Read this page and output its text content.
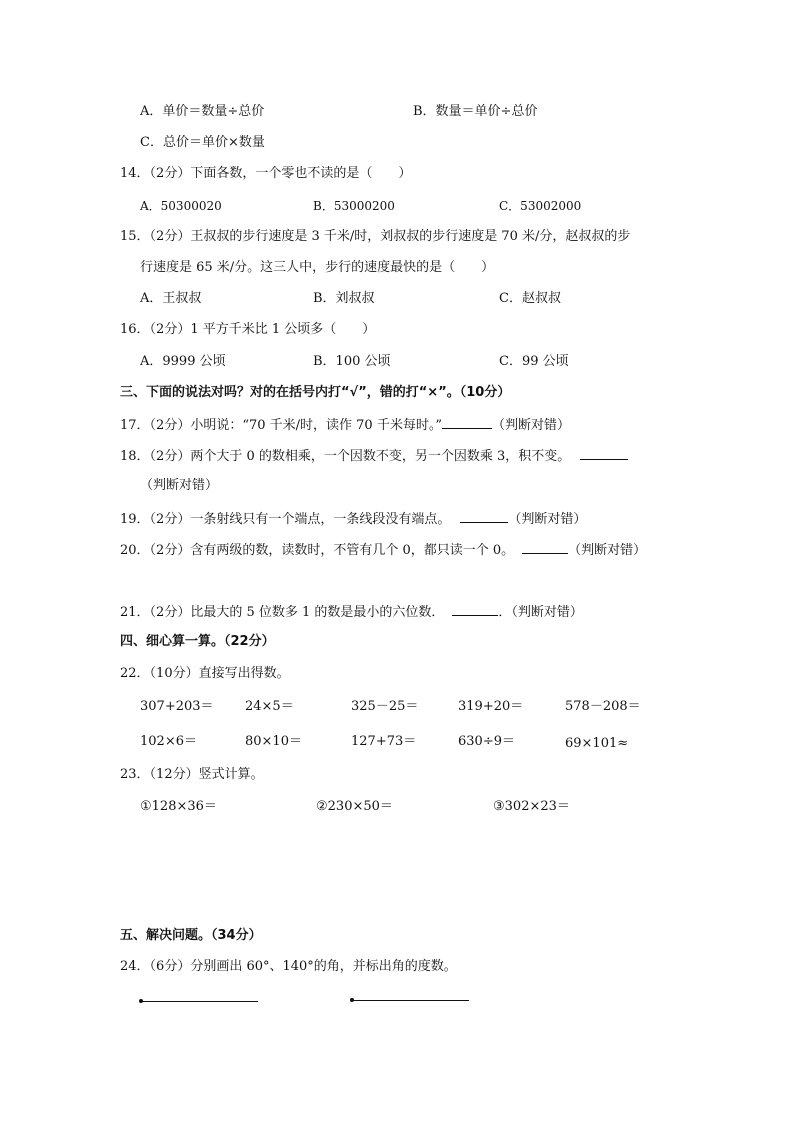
A．单价＝数量÷总价	B．数量＝单价÷总价
C．总价＝单价×数量
14．（2分）下面各数，一个零也不读的是（　　）
A．50300020	B．53000200	C．53002000
15．（2分）王叔叔的步行速度是 3 千米/时，刘叔叔的步行速度是 70 米/分，赵叔叔的步
行速度是 65 米/分。这三人中，步行的速度最快的是（　　）
A．王叔叔	B．刘叔叔	C．赵叔叔
16．（2分）1 平方千米比 1 公顷多（　　）
A．9999 公顷	B．100 公顷	C．99 公顷
三、下面的说法对吗？对的在括号内打“√”，错的打“×”。（10分）
17．（2分）小明说：“70 千米/时，读作 70 千米每时。”	（判断对错）
18．（2分）两个大于 0 的数相乘，一个因数不变，另一个因数乘 3，积不变。
（判断对错）
19．（2分）一条射线只有一个端点，一条线段没有端点。	（判断对错）
20．（2分）含有两级的数，读数时，不管有几个 0，都只读一个 0。	（判断对错）
21．（2分）比最大的 5 位数多 1 的数是最小的六位数．	．（判断对错）
四、细心算一算。（22分）
22．（10分）直接写出得数。
307+203＝ 24×5＝	325－25＝	319+20＝	578－208＝
102×6＝	80×10＝	127+73＝	630÷9＝	69×101≈
23．（12分）竖式计算。
①128×36＝	②230×50＝	③302×23＝
五、解决问题。（34分）
24．（6分）分别画出 60°、140°的角，并标出角的度数。
